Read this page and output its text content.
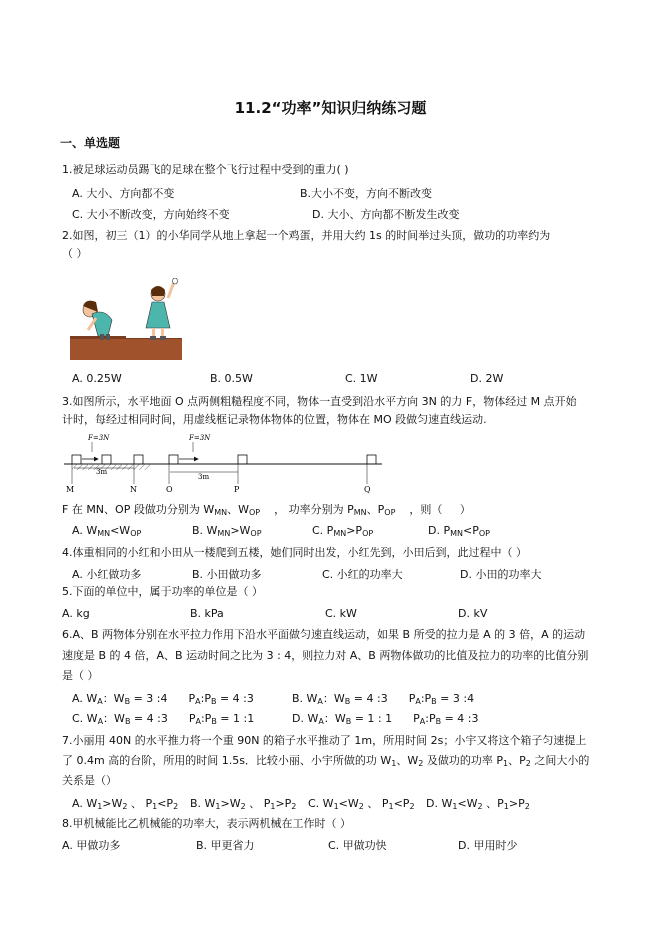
11.2“功率”知识归纳练习题
一、单选题
1.被足球运动员踢飞的足球在整个飞行过程中受到的重力( )
A. 大小、方向都不变	B.大小不变，方向不断改变
C. 大小不断改变，方向始终不变	D. 大小、方向都不断发生改变
2.如图，初三（1）的小华同学从地上拿起一个鸡蛋，并用大约 1s 的时间举过头顶，做功的功率约为
（ ）
A. 0.25W	B. 0.5W	C. 1W	D. 2W
3.如图所示，水平地面 O 点两侧粗糙程度不同，物体一直受到沿水平方向 3N 的力 F，物体经过 M 点开始
计时，每经过相同时间，用虚线框记录物体物体的位置，物体在 MO 段做匀速直线运动.
F=3N	F=3N
3m
3m
M	N	O	P	Q
F 在 MN、OP 段做功分别为 $W_{MN}$、$W_{OP}$    ， 功率分别为 $P_{MN}$、$P_{OP}$    ，则（     ）
A. $W_{MN}<W_{OP}$	B. $W_{MN}>W_{OP}$	C. $P_{MN}>P_{OP}$	D. $P_{MN}<P_{OP}$
4.体重相同的小红和小田从一楼爬到五楼，她们同时出发，小红先到，小田后到，此过程中（ ）
A. 小红做功多	B. 小田做功多	C. 小红的功率大	D. 小田的功率大
5.下面的单位中，属于功率的单位是（ ）
A. kg	B. kPa	C. kW	D. kV
6.A、B 两物体分别在水平拉力作用下沿水平面做匀速直线运动，如果 B 所受的拉力是 A 的 3 倍，A 的运动
速度是 B 的 4 倍，A、B 运动时间之比为 3 : 4，则拉力对 A、B 两物体做功的比值及拉力的功率的比值分别
是（ ）
A. $W_A$：$W_B = 3$ :4 $P_A:P_B = 4$ :3	B. $W_A$：$W_B = 4$ :3 $P_A:P_B = 3$ :4
C. $W_A$：$W_B = 4$ :3 $P_A:P_B = 1$ :1	D. $W_A$：$W_B = 1$ : 1 $P_A:P_B = 4$ :3
7.小丽用 40N 的水平推力将一个重 90N 的箱子水平推动了 1m，所用时间 2s；小宇又将这个箱子匀速提上
了 0.4m 高的台阶，所用的时间 1.5s．比较小丽、小宇所做的功 $W_1$、$W_2$ 及做功的功率 $P_1$、$P_2$ 之间大小的
关系是（）
A. $W_1>W_2$ 、 $P_1<P_2$ B. $W_1>W_2$ 、 $P_1>P_2$ C. $W_1<W_2$ 、 $P_1<P_2$ D. $W_1<W_2$ 、$P_1>P_2$
8.甲机械能比乙机械能的功率大，表示两机械在工作时（ ）
A. 甲做功多	B. 甲更省力	C. 甲做功快	D. 甲用时少
